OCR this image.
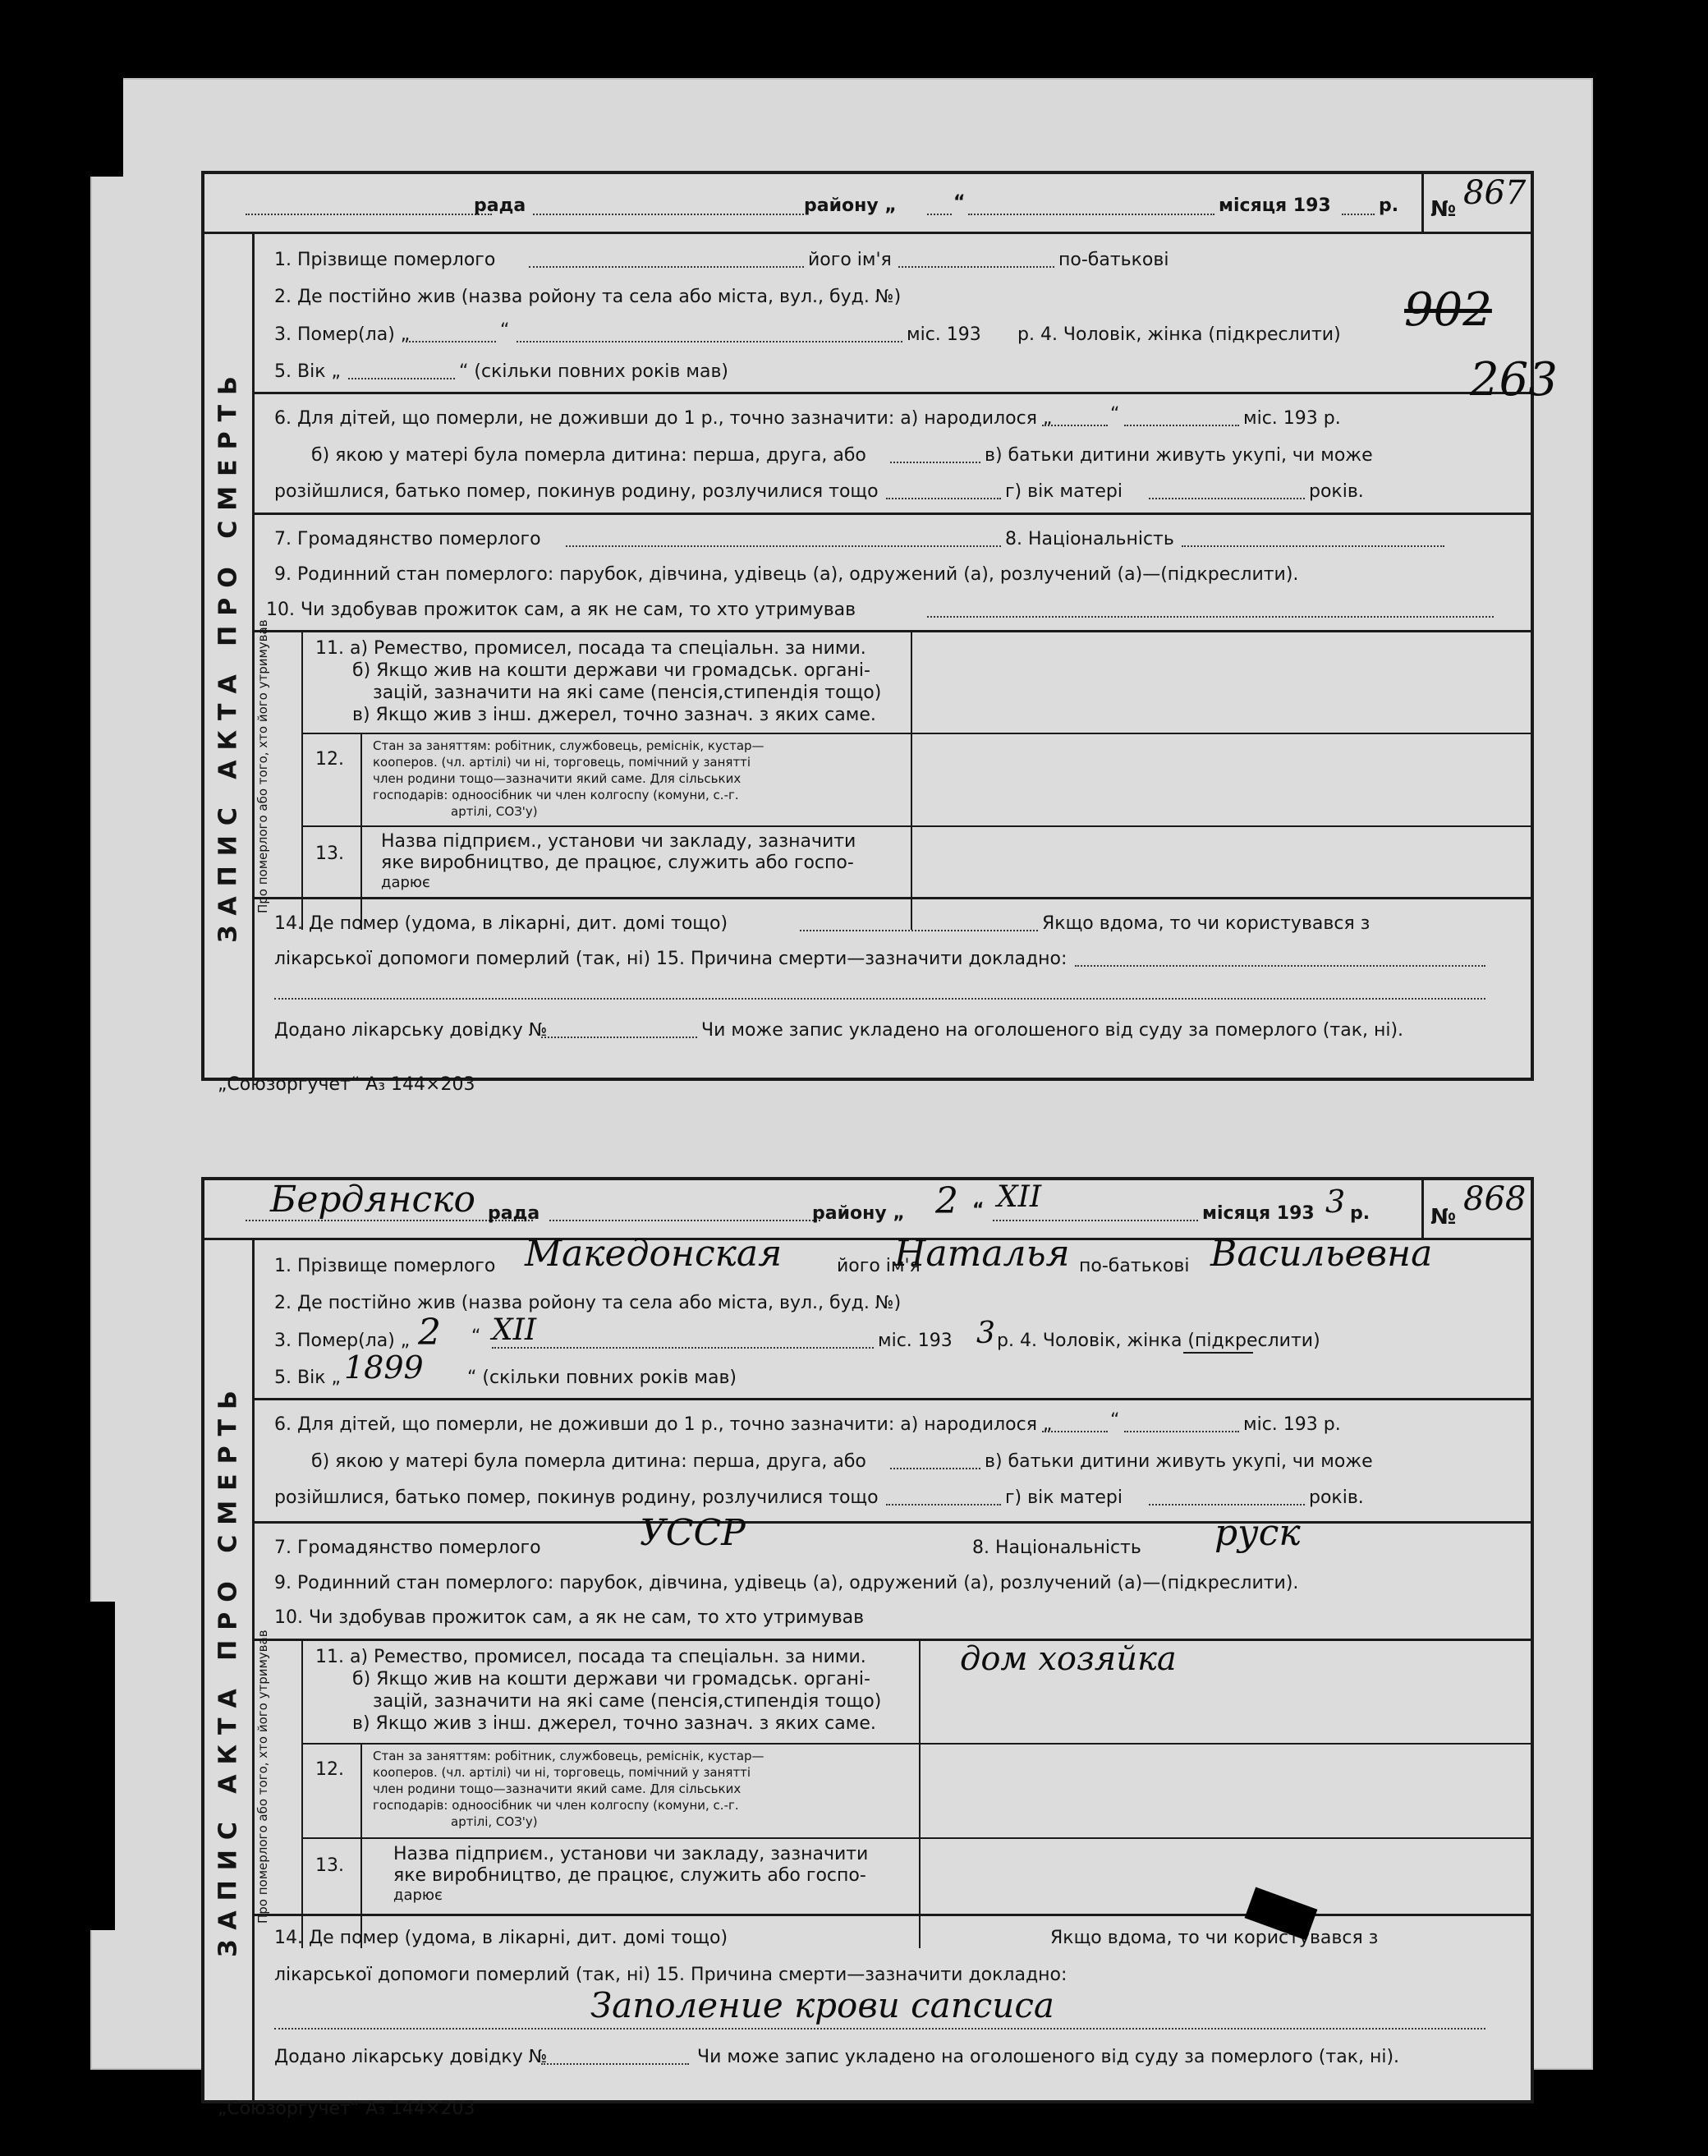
рада	району „	“	місяця 193	р. № 867
ЗАПИС АКТА ПРО СМЕРТЬ
1. Прізвище померлого	його ім'я	по-батькові
2. Де постійно жив (назва ройону та села або міста, вул., буд. №)
3. Помер(ла) „	“	міс. 193 р. 4. Чоловік, жінка (підкреслити)
5. Вік „	“ (скільки повних років мав)
6. Для дітей, що померли, не доживши до 1 р., точно зазначити: а) народилося „	“	міс. 193 р.
б) якою у матері була померла дитина: перша, друга, або	в) батьки дитини живуть укупі, чи може
розійшлися, батько помер, покинув родину, розлучилися тощо	г) вік матері	років.
7. Громадянство померлого	8. Національність
9. Родинний стан померлого: парубок, дівчина, удівець (а), одружений (а), розлучений (а)—(підкреслити).
10. Чи здобував прожиток сам, а як не сам, то хто утримував
Про померлого або того, хто його утримував	11. а) Ремество, промисел, посада та спеціальн. за ними.
б) Якщо жив на кошти держави чи громадськ. органі-
зацій, зазначити на які саме (пенсія,стипендія тощо)
в) Якщо жив з інш. джерел, точно зазнач. з яких саме.
12.
Стан за заняттям: робітник, службовець, реміснік, кустар—
кооперов. (чл. артілі) чи ні, торговець, помічний у занятті
член родини тощо—зазначити який саме. Для сільських
господарів: одноосібник чи член колгоспу (комуни, с.-г.
артілі, СОЗ'у)
13.
Назва підприєм., установи чи закладу, зазначити
яке виробництво, де працює, служить або госпо-
дарює
14. Де помер (удома, в лікарні, дит. домі тощо)	Якщо вдома, то чи користувався з
лікарської допомоги померлий (так, ні) 15. Причина смерти—зазначити докладно:
Додано лікарську довідку №	Чи може запис укладено на оголошеного від суду за померлого (так, ні).
902
263
„Союзоргучет“ А₃ 144×203
Бердянско рада	району „ 2 “ XII	місяця 193 3 р.	№ 868
ЗАПИС АКТА ПРО СМЕРТЬ
1. Прізвище померлого Македонская	його ім'я
Наталья по-батькові Васильевна
2. Де постійно жив (назва ройону та села або міста, вул., буд. №)
3. Помер(ла) „ 2 “ XII	міс. 193 3 р. 4. Чоловік, жінка (підкреслити)
5. Вік „ 1899 “ (скільки повних років мав)
6. Для дітей, що померли, не доживши до 1 р., точно зазначити: а) народилося „	“	міс. 193 р.
б) якою у матері була померла дитина: перша, друга, або	в) батьки дитини живуть укупі, чи може
розійшлися, батько помер, покинув родину, розлучилися тощо	г) вік матері	років.
7. Громадянство померлого	УССР	8. Національність руск
9. Родинний стан померлого: парубок, дівчина, удівець (а), одружений (а), розлучений (а)—(підкреслити).
10. Чи здобував прожиток сам, а як не сам, то хто утримував
Про померлого або того, хто його утримував	11. а) Ремество, промисел, посада та спеціальн. за ними.
б) Якщо жив на кошти держави чи громадськ. органі-
зацій, зазначити на які саме (пенсія,стипендія тощо)
в) Якщо жив з інш. джерел, точно зазнач. з яких саме.
дом хозяйка
12.
Стан за заняттям: робітник, службовець, реміснік, кустар—
кооперов. (чл. артілі) чи ні, торговець, помічний у занятті
член родини тощо—зазначити який саме. Для сільських
господарів: одноосібник чи член колгоспу (комуни, с.-г.
артілі, СОЗ'у)
13.
Назва підприєм., установи чи закладу, зазначити
яке виробництво, де працює, служить або госпо-
дарює
14. Де помер (удома, в лікарні, дит. домі тощо)	Якщо вдома, то чи користувався з
лікарської допомоги померлий (так, ні) 15. Причина смерти—зазначити докладно:
Заполение крови сапсиса
Додано лікарську довідку №	Чи може запис укладено на оголошеного від суду за померлого (так, ні).
„Союзоргучет“ А₃ 144×203
